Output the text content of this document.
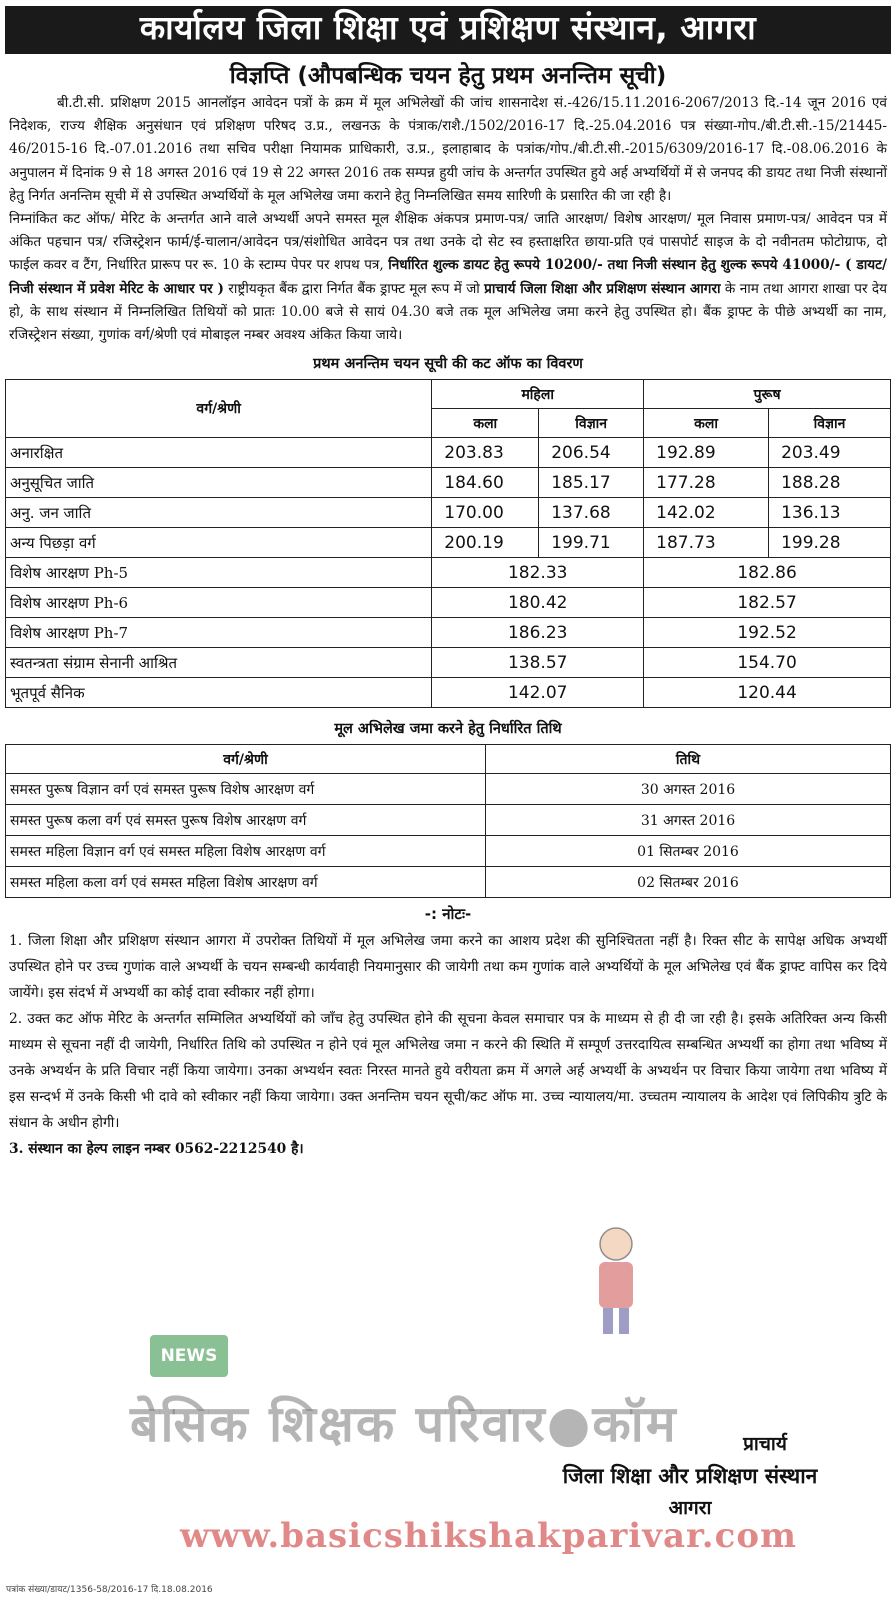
कार्यालय जिला शिक्षा एवं प्रशिक्षण संस्थान, आगरा
विज्ञप्ति (औपबन्धिक चयन हेतु प्रथम अनन्तिम सूची)

बी.टी.सी. प्रशिक्षण 2015 आनलॉइन आवेदन पत्रों के क्रम में मूल अभिलेखों की जांच शासनादेश सं.-426/15.11.2016-2067/2013 दि.-14 जून 2016 एवं निदेशक, राज्य शैक्षिक अनुसंधान एवं प्रशिक्षण परिषद उ.प्र., लखनऊ के पंत्राक/राशै./1502/2016-17 दि.-25.04.2016 पत्र संख्या-गोप./बी.टी.सी.-15/21445-46/2015-16 दि.-07.01.2016 तथा सचिव परीक्षा नियामक प्राधिकारी, उ.प्र., इलाहाबाद के पत्रांक/गोप./बी.टी.सी.-2015/6309/2016-17 दि.-08.06.2016 के अनुपालन में दिनांक 9 से 18 अगस्त 2016 एवं 19 से 22 अगस्त 2016 तक सम्पन्न हुयी जांच के अन्तर्गत उपस्थित हुये अर्ह अभ्यर्थियों में से जनपद की डायट तथा निजी संस्थानों हेतु निर्गत अनन्तिम सूची में से उपस्थित अभ्यर्थियों के मूल अभिलेख जमा कराने हेतु निम्नलिखित समय सारिणी के प्रसारित की जा रही है।

निम्नांकित कट ऑफ/ मेरिट के अन्तर्गत आने वाले अभ्यर्थी अपने समस्त मूल शैक्षिक अंकपत्र प्रमाण-पत्र/ जाति आरक्षण/ विशेष आरक्षण/ मूल निवास प्रमाण-पत्र/ आवेदन पत्र में अंकित पहचान पत्र/ रजिस्ट्रेशन फार्म/ई-चालान/आवेदन पत्र/संशोधित आवेदन पत्र तथा उनके दो सेट स्व हस्ताक्षरित छाया-प्रति एवं पासपोर्ट साइज के दो नवीनतम फोटोग्राफ, दो फाईल कवर व टैंग, निर्धारित प्रारूप पर रू. 10 के स्टाम्प पेपर पर शपथ पत्र, निर्धारित शुल्क डायट हेतु रूपये 10200/- तथा निजी संस्थान हेतु शुल्क रूपये 41000/- ( डायट/निजी संस्थान में प्रवेश मेरिट के आधार पर ) राष्ट्रीयकृत बैंक द्वारा निर्गत बैंक ड्राफ्ट मूल रूप में जो प्राचार्य जिला शिक्षा और प्रशिक्षण संस्थान आगरा के नाम तथा आगरा शाखा पर देय हो, के साथ संस्थान में निम्नलिखित तिथियों को प्रातः 10.00 बजे से सायं 04.30 बजे तक मूल अभिलेख जमा करने हेतु उपस्थित हो। बैंक ड्राफ्ट के पीछे अभ्यर्थी का नाम, रजिस्ट्रेशन संख्या, गुणांक वर्ग/श्रेणी एवं मोबाइल नम्बर अवश्य अंकित किया जाये।

प्रथम अनन्तिम चयन सूची की कट ऑफ का विवरण
वर्ग/श्रेणी	महिला		पुरूष	
	कला	विज्ञान	कला	विज्ञान
अनारक्षित	203.83	206.54	192.89	203.49
अनुसूचित जाति	184.60	185.17	177.28	188.28
अनु. जन जाति	170.00	137.68	142.02	136.13
अन्य पिछड़ा वर्ग	200.19	199.71	187.73	199.28
विशेष आरक्षण Ph-5	182.33		182.86	
विशेष आरक्षण Ph-6	180.42		182.57	
विशेष आरक्षण Ph-7	186.23		192.52	
स्वतन्त्रता संग्राम सेनानी आश्रित	138.57		154.70	
भूतपूर्व सैनिक	142.07		120.44	
मूल अभिलेख जमा करने हेतु निर्धारित तिथि
वर्ग/श्रेणी	तिथि
समस्त पुरूष विज्ञान वर्ग एवं समस्त पुरूष विशेष आरक्षण वर्ग	30 अगस्त 2016
समस्त पुरूष कला वर्ग एवं समस्त पुरूष विशेष आरक्षण वर्ग	31 अगस्त 2016
समस्त महिला विज्ञान वर्ग एवं समस्त महिला विशेष आरक्षण वर्ग	01 सितम्बर 2016
समस्त महिला कला वर्ग एवं समस्त महिला विशेष आरक्षण वर्ग	02 सितम्बर 2016
-: नोटः-

1. जिला शिक्षा और प्रशिक्षण संस्थान आगरा में उपरोक्त तिथियों में मूल अभिलेख जमा करने का आशय प्रदेश की सुनिश्चितता नहीं है। रिक्त सीट के सापेक्ष अधिक अभ्यर्थी उपस्थित होने पर उच्च गुणांक वाले अभ्यर्थी के चयन सम्बन्धी कार्यवाही नियमानुसार की जायेगी तथा कम गुणांक वाले अभ्यर्थियों के मूल अभिलेख एवं बैंक ड्राफ्ट वापिस कर दिये जायेंगे। इस संदर्भ में अभ्यर्थी का कोई दावा स्वीकार नहीं होगा।

2. उक्त कट ऑफ मेरिट के अन्तर्गत सम्मिलित अभ्यर्थियों को जाँच हेतु उपस्थित होने की सूचना केवल समाचार पत्र के माध्यम से ही दी जा रही है। इसके अतिरिक्त अन्य किसी माध्यम से सूचना नहीं दी जायेगी, निर्धारित तिथि को उपस्थित न होने एवं मूल अभिलेख जमा न करने की स्थिति में सम्पूर्ण उत्तरदायित्व सम्बन्धित अभ्यर्थी का होगा तथा भविष्य में उनके अभ्यर्थन के प्रति विचार नहीं किया जायेगा। उनका अभ्यर्थन स्वतः निरस्त मानते हुये वरीयता क्रम में अगले अर्ह अभ्यर्थी के अभ्यर्थन पर विचार किया जायेगा तथा भविष्य में इस सन्दर्भ में उनके किसी भी दावे को स्वीकार नहीं किया जायेगा। उक्त अनन्तिम चयन सूची/कट ऑफ मा. उच्च न्यायालय/मा. उच्चतम न्यायालय के आदेश एवं लिपिकीय त्रुटि के संधान के अधीन होगी।

3. संस्थान का हेल्प लाइन नम्बर 0562-2212540 है।

NEWS
बेसिक शिक्षक परिवार●कॉम	प्राचार्य
जिला शिक्षा और प्रशिक्षण संस्थान
आगरा
www.basicshikshakparivar.com
पत्रांक संख्या/डायट/1356-58/2016-17 दि.18.08.2016
